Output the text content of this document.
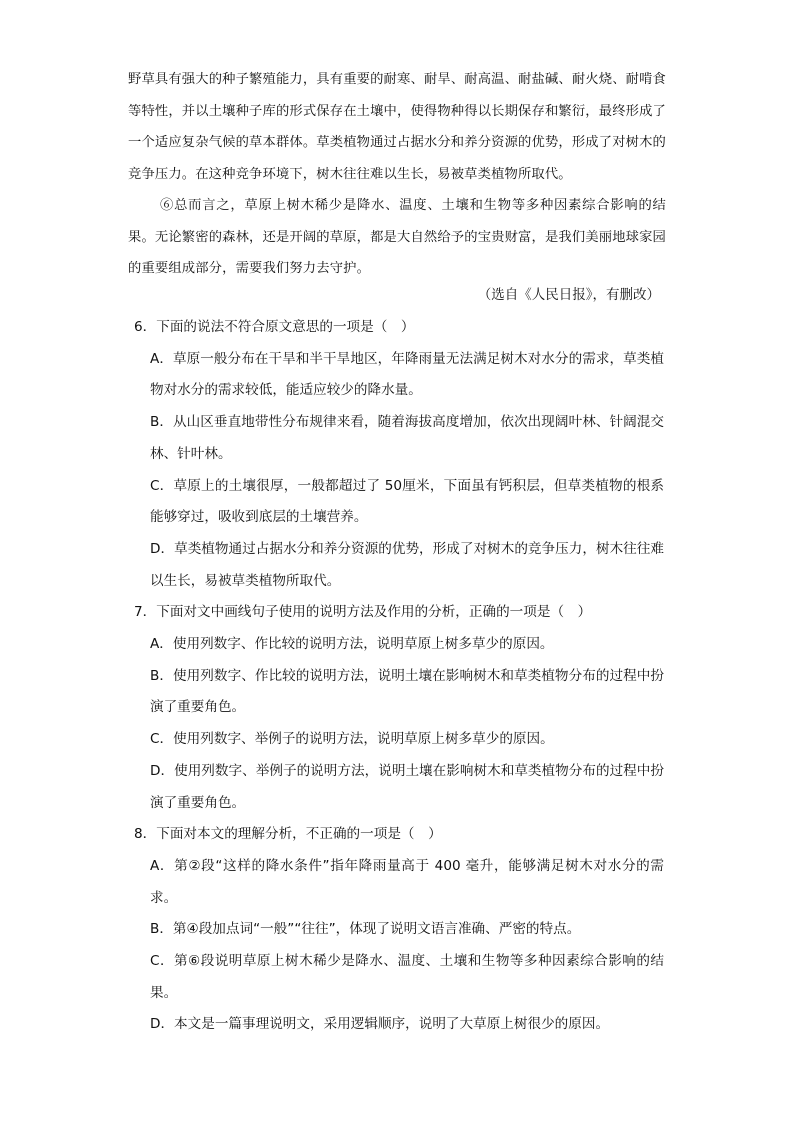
野草具有强大的种子繁殖能力，具有重要的耐寒、耐旱、耐高温、耐盐碱、耐火烧、耐啃食等特性，并以土壤种子库的形式保存在土壤中，使得物种得以长期保存和繁衍，最终形成了一个适应复杂气候的草本群体。草类植物通过占据水分和养分资源的优势，形成了对树木的竞争压力。在这种竞争环境下，树木往往难以生长，易被草类植物所取代。

⑥总而言之，草原上树木稀少是降水、温度、土壤和生物等多种因素综合影响的结果。无论繁密的森林，还是开阔的草原，都是大自然给予的宝贵财富，是我们美丽地球家园的重要组成部分，需要我们努力去守护。

（选自《人民日报》，有删改）

6．下面的说法不符合原文意思的一项是（　）

A．草原一般分布在干旱和半干旱地区，年降雨量无法满足树木对水分的需求，草类植物对水分的需求较低，能适应较少的降水量。

B．从山区垂直地带性分布规律来看，随着海拔高度增加，依次出现阔叶林、针阔混交林、针叶林。

C．草原上的土壤很厚，一般都超过了 50厘米，下面虽有钙积层，但草类植物的根系能够穿过，吸收到底层的土壤营养。

D．草类植物通过占据水分和养分资源的优势，形成了对树木的竞争压力，树木往往难以生长，易被草类植物所取代。

7．下面对文中画线句子使用的说明方法及作用的分析，正确的一项是（　）

A．使用列数字、作比较的说明方法，说明草原上树多草少的原因。

B．使用列数字、作比较的说明方法，说明土壤在影响树木和草类植物分布的过程中扮演了重要角色。

C．使用列数字、举例子的说明方法，说明草原上树多草少的原因。

D．使用列数字、举例子的说明方法，说明土壤在影响树木和草类植物分布的过程中扮演了重要角色。

8．下面对本文的理解分析，不正确的一项是（　）

A．第②段“这样的降水条件”指年降雨量高于 400 毫升，能够满足树木对水分的需求。

B．第④段加点词“一般”“往往”，体现了说明文语言准确、严密的特点。

C．第⑥段说明草原上树木稀少是降水、温度、土壤和生物等多种因素综合影响的结果。

D．本文是一篇事理说明文，采用逻辑顺序，说明了大草原上树很少的原因。
